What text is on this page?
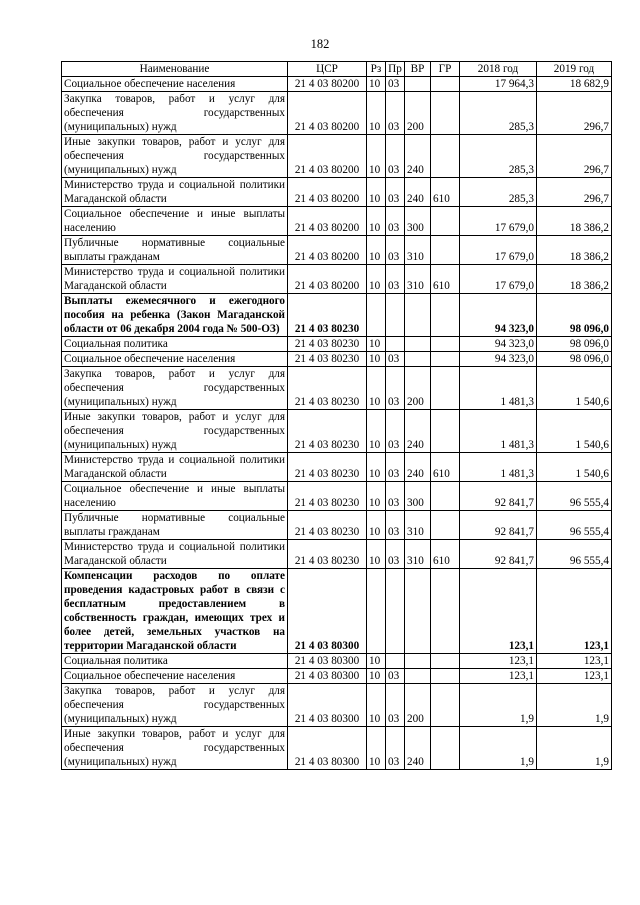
182
Наименование	ЦСР	Рз	Пр	ВР	ГР	2018 год	2019 год
Социальное обеспечение населения	21 4 03 80200	10	03			17 964,3	18 682,9
Закупка товаров, работ и услуг для обеспечения государственных (муниципальных) нужд	21 4 03 80200	10	03	200		285,3	296,7
Иные закупки товаров, работ и услуг для обеспечения государственных (муниципальных) нужд	21 4 03 80200	10	03	240		285,3	296,7
Министерство труда и социальной политики Магаданской области	21 4 03 80200	10	03	240	610	285,3	296,7
Социальное обеспечение и иные выплаты населению	21 4 03 80200	10	03	300		17 679,0	18 386,2
Публичные нормативные социальные выплаты гражданам	21 4 03 80200	10	03	310		17 679,0	18 386,2
Министерство труда и социальной политики Магаданской области	21 4 03 80200	10	03	310	610	17 679,0	18 386,2
Выплаты ежемесячного и ежегодного пособия на ребенка (Закон Магаданской области от 06 декабря 2004 года № 500-ОЗ)	21 4 03 80230					94 323,0	98 096,0
Социальная политика	21 4 03 80230	10				94 323,0	98 096,0
Социальное обеспечение населения	21 4 03 80230	10	03			94 323,0	98 096,0
Закупка товаров, работ и услуг для обеспечения государственных (муниципальных) нужд	21 4 03 80230	10	03	200		1 481,3	1 540,6
Иные закупки товаров, работ и услуг для обеспечения государственных (муниципальных) нужд	21 4 03 80230	10	03	240		1 481,3	1 540,6
Министерство труда и социальной политики Магаданской области	21 4 03 80230	10	03	240	610	1 481,3	1 540,6
Социальное обеспечение и иные выплаты населению	21 4 03 80230	10	03	300		92 841,7	96 555,4
Публичные нормативные социальные выплаты гражданам	21 4 03 80230	10	03	310		92 841,7	96 555,4
Министерство труда и социальной политики Магаданской области	21 4 03 80230	10	03	310	610	92 841,7	96 555,4
Компенсации расходов по оплате проведения кадастровых работ в связи с бесплатным предоставлением в собственность граждан, имеющих трех и более детей, земельных участков на территории Магаданской области	21 4 03 80300					123,1	123,1
Социальная политика	21 4 03 80300	10				123,1	123,1
Социальное обеспечение населения	21 4 03 80300	10	03			123,1	123,1
Закупка товаров, работ и услуг для обеспечения государственных (муниципальных) нужд	21 4 03 80300	10	03	200		1,9	1,9
Иные закупки товаров, работ и услуг для обеспечения государственных (муниципальных) нужд	21 4 03 80300	10	03	240		1,9	1,9
